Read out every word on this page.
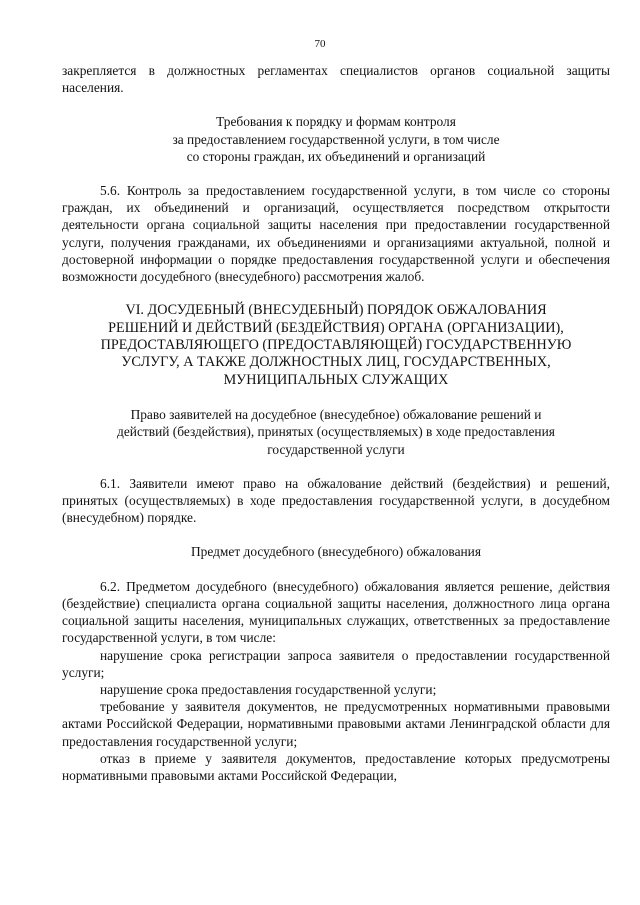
70

закрепляется в должностных регламентах специалистов органов социальной защиты населения.

Требования к порядку и формам контроля

за предоставлением государственной услуги, в том числе

со стороны граждан, их объединений и организаций

5.6. Контроль за предоставлением государственной услуги, в том числе со стороны граждан, их объединений и организаций, осуществляется посредством открытости деятельности органа социальной защиты населения при предоставлении государственной услуги, получения гражданами, их объединениями и организациями актуальной, полной и достоверной информации о порядке предоставления государственной услуги и обеспечения возможности досудебного (внесудебного) рассмотрения жалоб.

VI. ДОСУДЕБНЫЙ (ВНЕСУДЕБНЫЙ) ПОРЯДОК ОБЖАЛОВАНИЯ

РЕШЕНИЙ И ДЕЙСТВИЙ (БЕЗДЕЙСТВИЯ) ОРГАНА (ОРГАНИЗАЦИИ),

ПРЕДОСТАВЛЯЮЩЕГО (ПРЕДОСТАВЛЯЮЩЕЙ) ГОСУДАРСТВЕННУЮ

УСЛУГУ, А ТАКЖЕ ДОЛЖНОСТНЫХ ЛИЦ, ГОСУДАРСТВЕННЫХ,

МУНИЦИПАЛЬНЫХ СЛУЖАЩИХ

Право заявителей на досудебное (внесудебное) обжалование решений и

действий (бездействия), принятых (осуществляемых) в ходе предоставления

государственной услуги

6.1. Заявители имеют право на обжалование действий (бездействия) и решений, принятых (осуществляемых) в ходе предоставления государственной услуги, в досудебном (внесудебном) порядке.

Предмет досудебного (внесудебного) обжалования

6.2. Предметом досудебного (внесудебного) обжалования является решение, действия (бездействие) специалиста органа социальной защиты населения, должностного лица органа социальной защиты населения, муниципальных служащих, ответственных за предоставление государственной услуги, в том числе:

нарушение срока регистрации запроса заявителя о предоставлении государственной услуги;

нарушение срока предоставления государственной услуги;

требование у заявителя документов, не предусмотренных нормативными правовыми актами Российской Федерации, нормативными правовыми актами Ленинградской области для предоставления государственной услуги;

отказ в приеме у заявителя документов, предоставление которых предусмотрены нормативными правовыми актами Российской Федерации,
